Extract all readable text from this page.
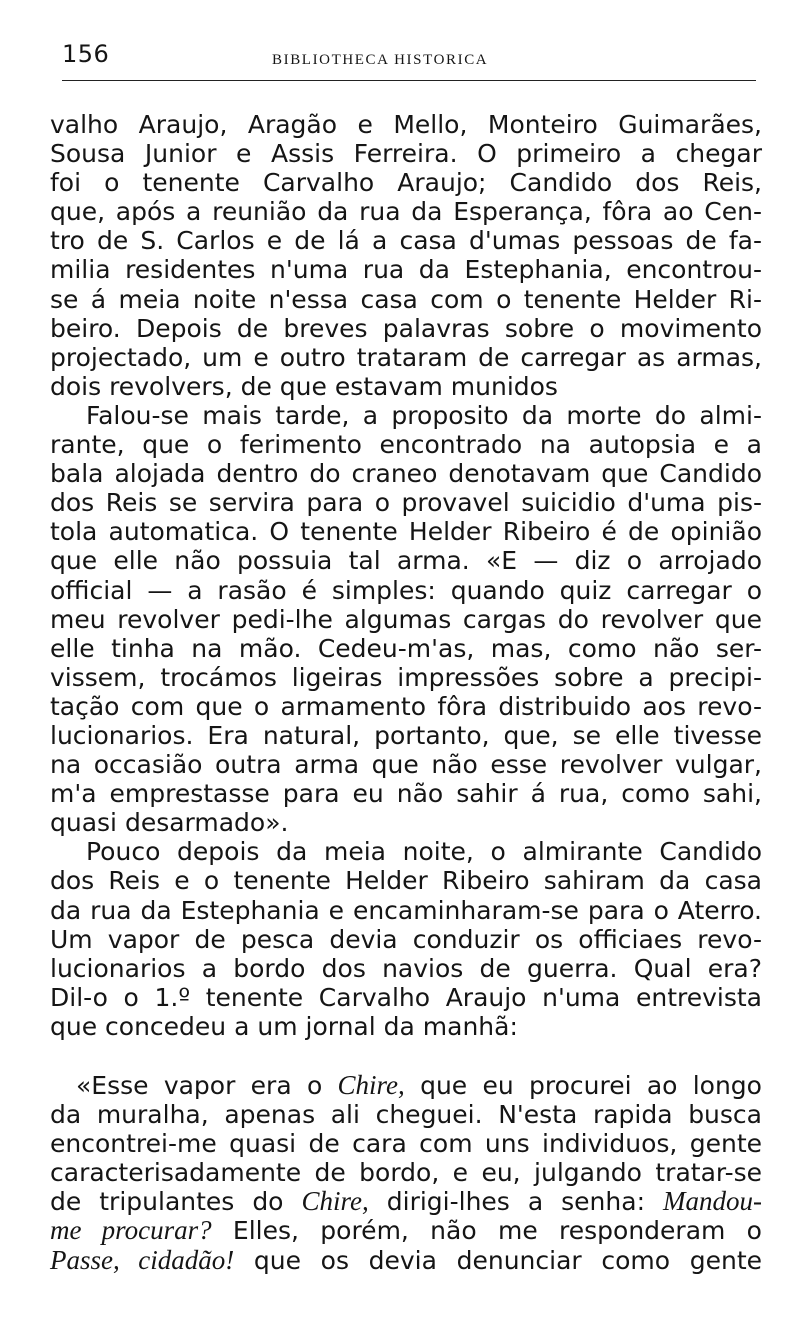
156	BIBLIOTHECA HISTORICA
valho Araujo, Aragão e Mello, Monteiro Guimarães,
Sousa Junior e Assis Ferreira. O primeiro a chegar
foi o tenente Carvalho Araujo; Candido dos Reis,
que, após a reunião da rua da Esperança, fôra ao Cen-
tro de S. Carlos e de lá a casa d'umas pessoas de fa-
milia residentes n'uma rua da Estephania, encontrou-
se á meia noite n'essa casa com o tenente Helder Ri-
beiro. Depois de breves palavras sobre o movimento
projectado, um e outro trataram de carregar as armas,
dois revolvers, de que estavam munidos
Falou-se mais tarde, a proposito da morte do almi-
rante, que o ferimento encontrado na autopsia e a
bala alojada dentro do craneo denotavam que Candido
dos Reis se servira para o provavel suicidio d'uma pis-
tola automatica. O tenente Helder Ribeiro é de opinião
que elle não possuia tal arma. «E — diz o arrojado
official — a rasão é simples: quando quiz carregar o
meu revolver pedi-lhe algumas cargas do revolver que
elle tinha na mão. Cedeu-m'as, mas, como não ser-
vissem, trocámos ligeiras impressões sobre a precipi-
tação com que o armamento fôra distribuido aos revo-
lucionarios. Era natural, portanto, que, se elle tivesse
na occasião outra arma que não esse revolver vulgar,
m'a emprestasse para eu não sahir á rua, como sahi,
quasi desarmado».
Pouco depois da meia noite, o almirante Candido
dos Reis e o tenente Helder Ribeiro sahiram da casa
da rua da Estephania e encaminharam-se para o Aterro.
Um vapor de pesca devia conduzir os officiaes revo-
lucionarios a bordo dos navios de guerra. Qual era?
Dil-o o 1.º tenente Carvalho Araujo n'uma entrevista
que concedeu a um jornal da manhã:
«Esse vapor era o Chire, que eu procurei ao longo
da muralha, apenas ali cheguei. N'esta rapida busca
encontrei-me quasi de cara com uns individuos, gente
caracterisadamente de bordo, e eu, julgando tratar-se
de tripulantes do Chire, dirigi-lhes a senha: Mandou-
me procurar? Elles, porém, não me responderam o
Passe, cidadão! que os devia denunciar como gente
